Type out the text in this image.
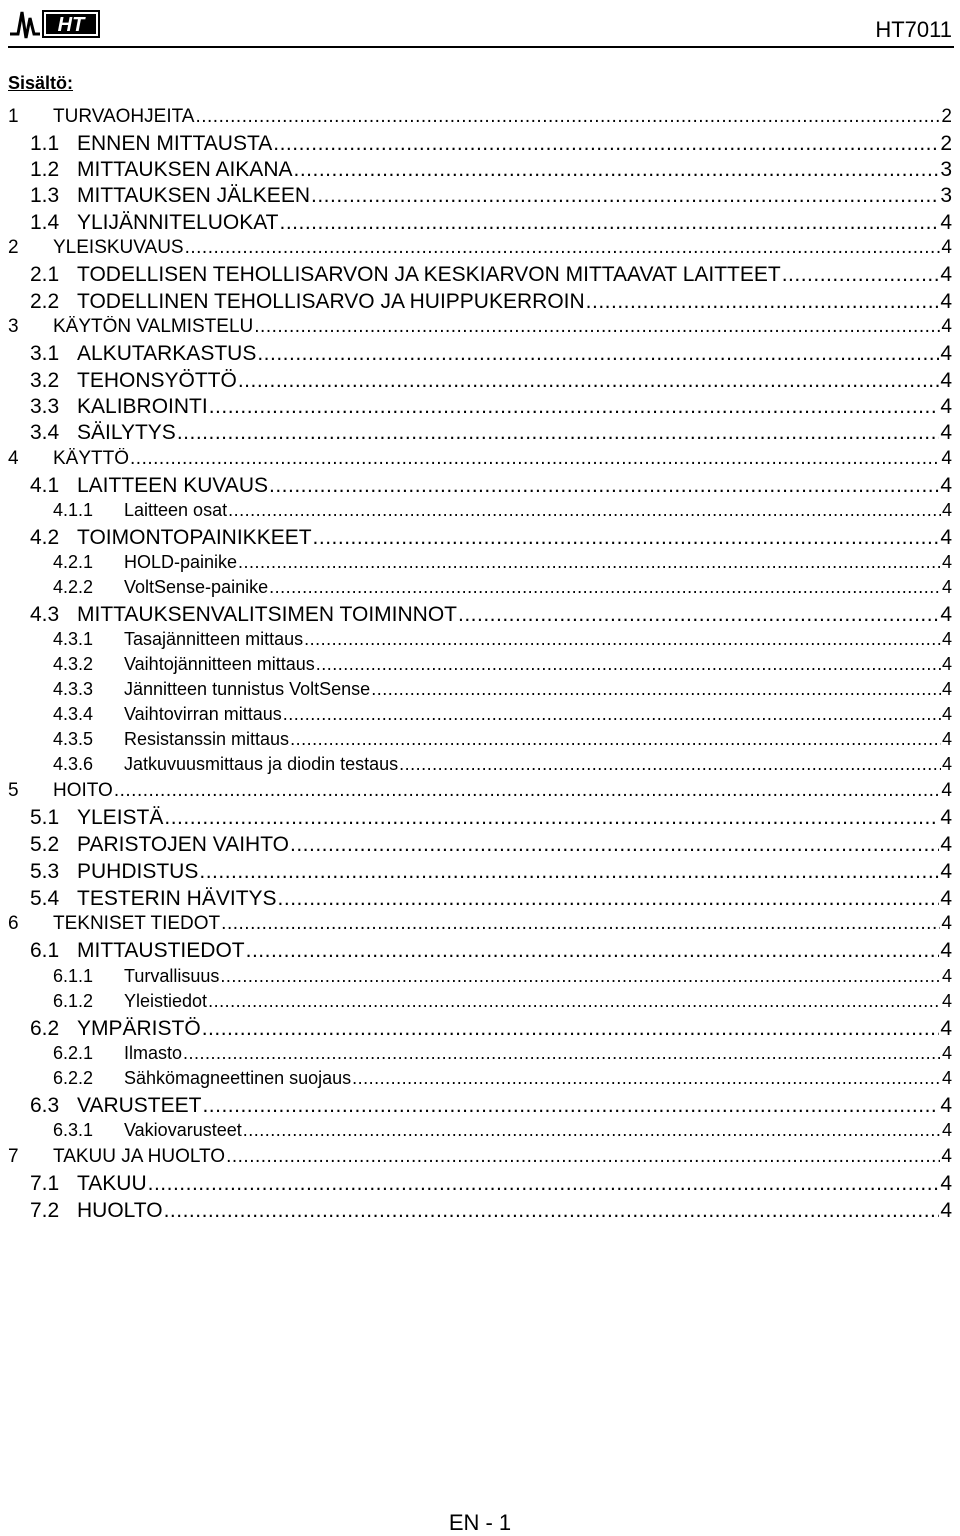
HT	HT7011
Sisältö:
1	TURVAOHJEITA .....	2
1.1 ENNEN MITTAUSTA .....	2
1.2 MITTAUKSEN AIKANA .....	3
1.3 MITTAUKSEN JÄLKEEN .....	3
1.4 YLIJÄNNITELUOKAT .....	4
2	YLEISKUVAUS .....	4
2.1 TODELLISEN TEHOLLISARVON JA KESKIARVON MITTAAVAT LAITTEET .....	4
2.2 TODELLINEN TEHOLLISARVO JA HUIPPUKERROIN .....	4
3	KÄYTÖN VALMISTELU .....	4
3.1 ALKUTARKASTUS .....	4
3.2 TEHONSYÖTTÖ .....	4
3.3 KALIBROINTI .....	4
3.4 SÄILYTYS .....	4
4	KÄYTTÖ .....	4
4.1 LAITTEEN KUVAUS .....	4
4.1.1	Laitteen osat .....	4
4.2 TOIMONTOPAINIKKEET .....	4
4.2.1	HOLD-painike .....	4
4.2.2	VoltSense-painike .....	4
4.3 MITTAUKSENVALITSIMEN TOIMINNOT .....	4
4.3.1	Tasajännitteen mittaus .....	4
4.3.2	Vaihtojännitteen mittaus .....	4
4.3.3	Jännitteen tunnistus VoltSense .....	4
4.3.4	Vaihtovirran mittaus .....	4
4.3.5	Resistanssin mittaus .....	4
4.3.6	Jatkuvuusmittaus ja diodin testaus .....	4
5	HOITO .....	4
5.1 YLEISTÄ .....	4
5.2 PARISTOJEN VAIHTO .....	4
5.3 PUHDISTUS .....	4
5.4 TESTERIN HÄVITYS .....	4
6	TEKNISET TIEDOT .....	4
6.1 MITTAUSTIEDOT .....	4
6.1.1	Turvallisuus .....	4
6.1.2	Yleistiedot .....	4
6.2 YMPÄRISTÖ .....	4
6.2.1	Ilmasto .....	4
6.2.2	Sähkömagneettinen suojaus .....	4
6.3 VARUSTEET .....	4
6.3.1	Vakiovarusteet .....	4
7	TAKUU JA HUOLTO .....	4
7.1 TAKUU .....	4
7.2 HUOLTO .....	4
EN - 1
